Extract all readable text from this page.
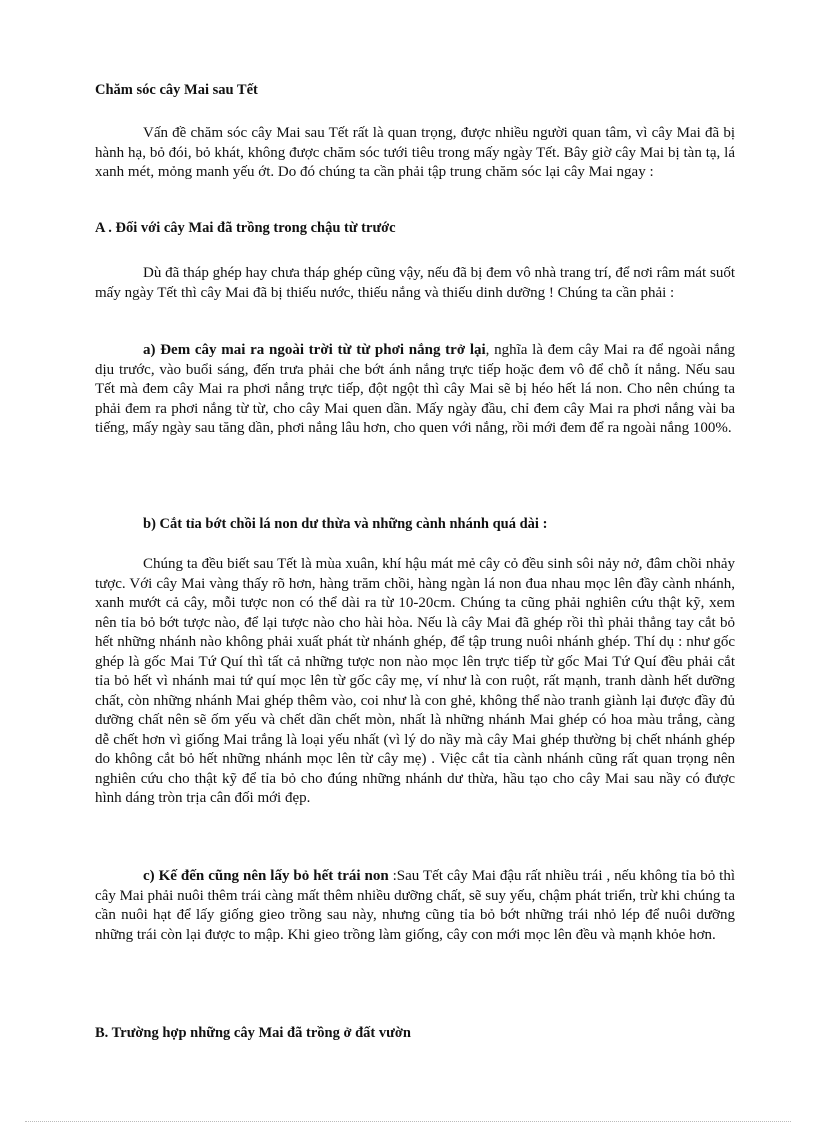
Chăm sóc cây Mai sau Tết

Vấn đề chăm sóc cây Mai sau Tết rất là quan trọng, được nhiều người quan tâm, vì cây Mai đã bị hành hạ, bỏ đói, bỏ khát, không được chăm sóc tưới tiêu trong mấy ngày Tết. Bây giờ cây Mai bị tàn tạ, lá xanh mét, mỏng manh yếu ớt. Do đó chúng ta cần phải tập trung chăm sóc lại cây Mai ngay :

A . Đối với cây Mai đã trồng trong chậu từ trước

Dù đã tháp ghép hay chưa tháp ghép cũng vậy, nếu đã bị đem vô nhà trang trí, để nơi râm mát suốt mấy ngày Tết thì cây Mai đã bị thiếu nước, thiếu nắng và thiếu dinh dưỡng ! Chúng ta cần phải :

a) Đem cây mai ra ngoài trời từ từ phơi nắng trở lại, nghĩa là đem cây Mai ra để ngoài nắng dịu trước, vào buổi sáng, đến trưa phải che bớt ánh nắng trực tiếp hoặc đem vô để chỗ ít nắng. Nếu sau Tết mà đem cây Mai ra phơi nắng trực tiếp, đột ngột thì cây Mai sẽ bị héo hết lá non. Cho nên chúng ta phải đem ra phơi nắng từ từ, cho cây Mai quen dần. Mấy ngày đầu, chỉ đem cây Mai ra phơi nắng vài ba tiếng, mấy ngày sau tăng dần, phơi nắng lâu hơn, cho quen với nắng, rồi mới đem để ra ngoài nắng 100%.

b) Cắt tỉa bớt chồi lá non dư thừa và những cành nhánh quá dài :

Chúng ta đều biết sau Tết là mùa xuân, khí hậu mát mẻ cây cỏ đều sinh sôi nảy nở, đâm chồi nhảy tược. Với cây Mai vàng thấy rõ hơn, hàng trăm chồi, hàng ngàn lá non đua nhau mọc lên đầy cành nhánh, xanh mướt cả cây, mỗi tược non có thể dài ra từ 10-20cm. Chúng ta cũng phải nghiên cứu thật kỹ, xem nên tỉa bỏ bớt tược nào, để lại tược nào cho hài hòa. Nếu là cây Mai đã ghép rồi thì phải thẳng tay cắt bỏ hết những nhánh nào không phải xuất phát từ nhánh ghép, để tập trung nuôi nhánh ghép. Thí dụ : như gốc ghép là gốc Mai Tứ Quí thì tất cả những tược non nào mọc lên trực tiếp từ gốc Mai Tứ Quí đều phải cắt tỉa bỏ hết vì nhánh mai tứ quí mọc lên từ gốc cây mẹ, ví như là con ruột, rất mạnh, tranh dành hết dưỡng chất, còn những nhánh Mai ghép thêm vào, coi như là con ghẻ, không thể nào tranh giành lại được đầy đủ dưỡng chất nên sẽ ốm yếu và chết dần chết mòn, nhất là những nhánh Mai ghép có hoa màu trắng, càng dễ chết hơn vì giống Mai trắng là loại yếu nhất (vì lý do nầy mà cây Mai ghép thường bị chết nhánh ghép do không cắt bỏ hết những nhánh mọc lên từ cây mẹ) . Việc cắt tỉa cành nhánh cũng rất quan trọng nên nghiên cứu cho thật kỹ để tỉa bỏ cho đúng những nhánh dư thừa, hầu tạo cho cây Mai sau nầy có được hình dáng tròn trịa cân đối mới đẹp.

c) Kế đến cũng nên lấy bỏ hết trái non :Sau Tết cây Mai đậu rất nhiều trái , nếu không tỉa bỏ thì cây Mai phải nuôi thêm trái càng mất thêm nhiều dưỡng chất, sẽ suy yếu, chậm phát triển, trừ khi chúng ta cần nuôi hạt để lấy giống gieo trồng sau này, nhưng cũng tỉa bỏ bớt những trái nhỏ lép để nuôi dưỡng những trái còn lại được to mập. Khi gieo trồng làm giống, cây con mới mọc lên đều và mạnh khỏe hơn.

B. Trường hợp những cây Mai đã trồng ở đất vườn
